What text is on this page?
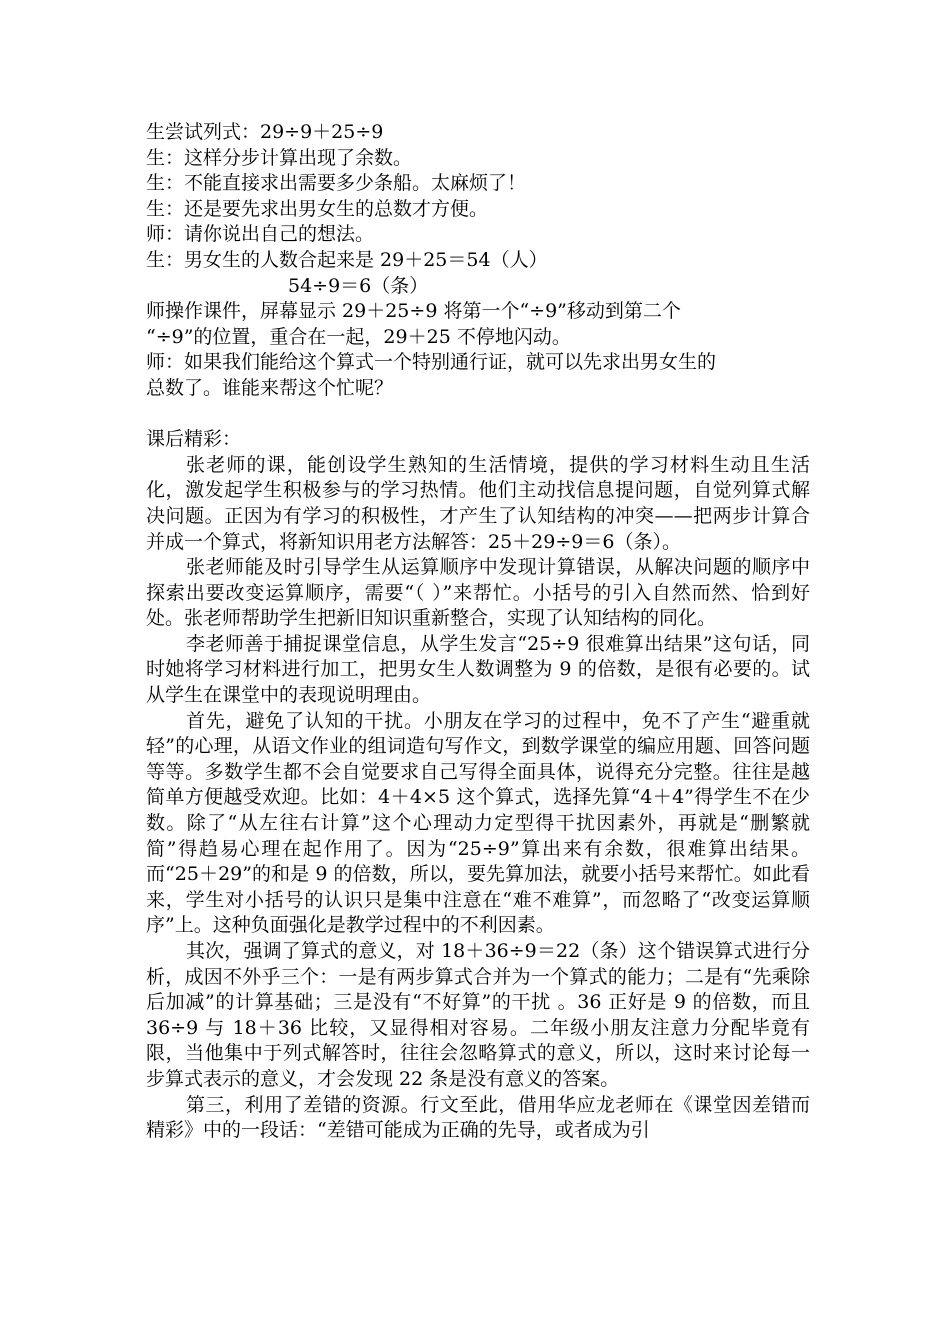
生尝试列式：29÷9＋25÷9
生：这样分步计算出现了余数。
生：不能直接求出需要多少条船。太麻烦了！
生：还是要先求出男女生的总数才方便。
师：请你说出自己的想法。
生：男女生的人数合起来是 29＋25＝54（人）
54÷9＝6（条）
师操作课件，屏幕显示 29＋25÷9 将第一个“÷9”移动到第二个
“÷9”的位置，重合在一起，29＋25 不停地闪动。
师：如果我们能给这个算式一个特别通行证，就可以先求出男女生的
总数了。谁能来帮这个忙呢？
课后精彩：
张老师的课，能创设学生熟知的生活情境，提供的学习材料生动且生活化，激发起学生积极参与的学习热情。他们主动找信息提问题，自觉列算式解决问题。正因为有学习的积极性，才产生了认知结构的冲突——把两步计算合并成一个算式，将新知识用老方法解答：25＋29÷9＝6（条）。
张老师能及时引导学生从运算顺序中发现计算错误，从解决问题的顺序中探索出要改变运算顺序，需要“（ ）”来帮忙。小括号的引入自然而然、恰到好处。张老师帮助学生把新旧知识重新整合，实现了认知结构的同化。
李老师善于捕捉课堂信息，从学生发言“25÷9 很难算出结果”这句话，同时她将学习材料进行加工，把男女生人数调整为 9 的倍数，是很有必要的。试从学生在课堂中的表现说明理由。
首先，避免了认知的干扰。小朋友在学习的过程中，免不了产生“避重就轻”的心理，从语文作业的组词造句写作文，到数学课堂的编应用题、回答问题等等。多数学生都不会自觉要求自己写得全面具体，说得充分完整。往往是越简单方便越受欢迎。比如：4＋4×5 这个算式，选择先算“4＋4”得学生不在少数。除了“从左往右计算”这个心理动力定型得干扰因素外，再就是“删繁就简”得趋易心理在起作用了。因为“25÷9”算出来有余数，很难算出结果。而“25＋29”的和是 9 的倍数，所以，要先算加法，就要小括号来帮忙。如此看来，学生对小括号的认识只是集中注意在“难不难算”，而忽略了“改变运算顺序”上。这种负面强化是教学过程中的不利因素。
其次，强调了算式的意义，对 18＋36÷9＝22（条）这个错误算式进行分析，成因不外乎三个：一是有两步算式合并为一个算式的能力；二是有“先乘除后加减”的计算基础；三是没有“不好算”的干扰 。36 正好是 9 的倍数，而且 36÷9 与 18＋36 比较，又显得相对容易。二年级小朋友注意力分配毕竟有限，当他集中于列式解答时，往往会忽略算式的意义，所以，这时来讨论每一步算式表示的意义，才会发现 22 条是没有意义的答案。
第三，利用了差错的资源。行文至此，借用华应龙老师在《课堂因差错而精彩》中的一段话：“差错可能成为正确的先导，或者成为引
